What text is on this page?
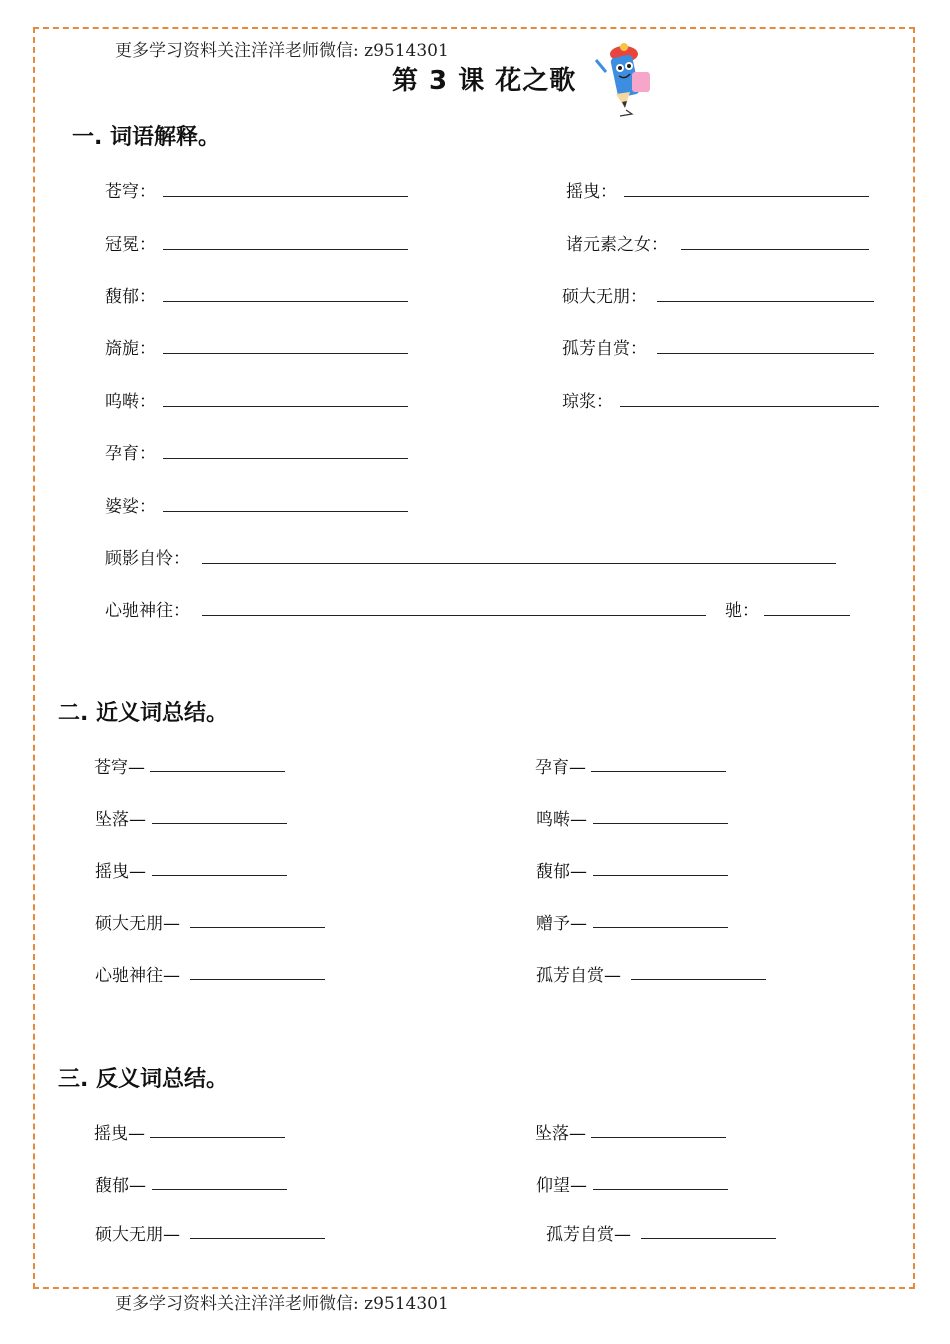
更多学习资料关注洋洋老师微信: z9514301
第 3 课 花之歌
一. 词语解释。
苍穹：	摇曳：
冠冕：	诸元素之女：
馥郁：	硕大无朋：
旖旎：	孤芳自赏：
呜啭：	琼浆：
孕育：
婆娑：
顾影自怜：
心驰神往：	驰：
二. 近义词总结。
苍穹—	孕育—
坠落—	鸣啭—
摇曳—	馥郁—
硕大无朋—	赠予—
心驰神往—	孤芳自赏—
三. 反义词总结。
摇曳—	坠落—
馥郁—	仰望—
硕大无朋—	孤芳自赏—
更多学习资料关注洋洋老师微信: z9514301
